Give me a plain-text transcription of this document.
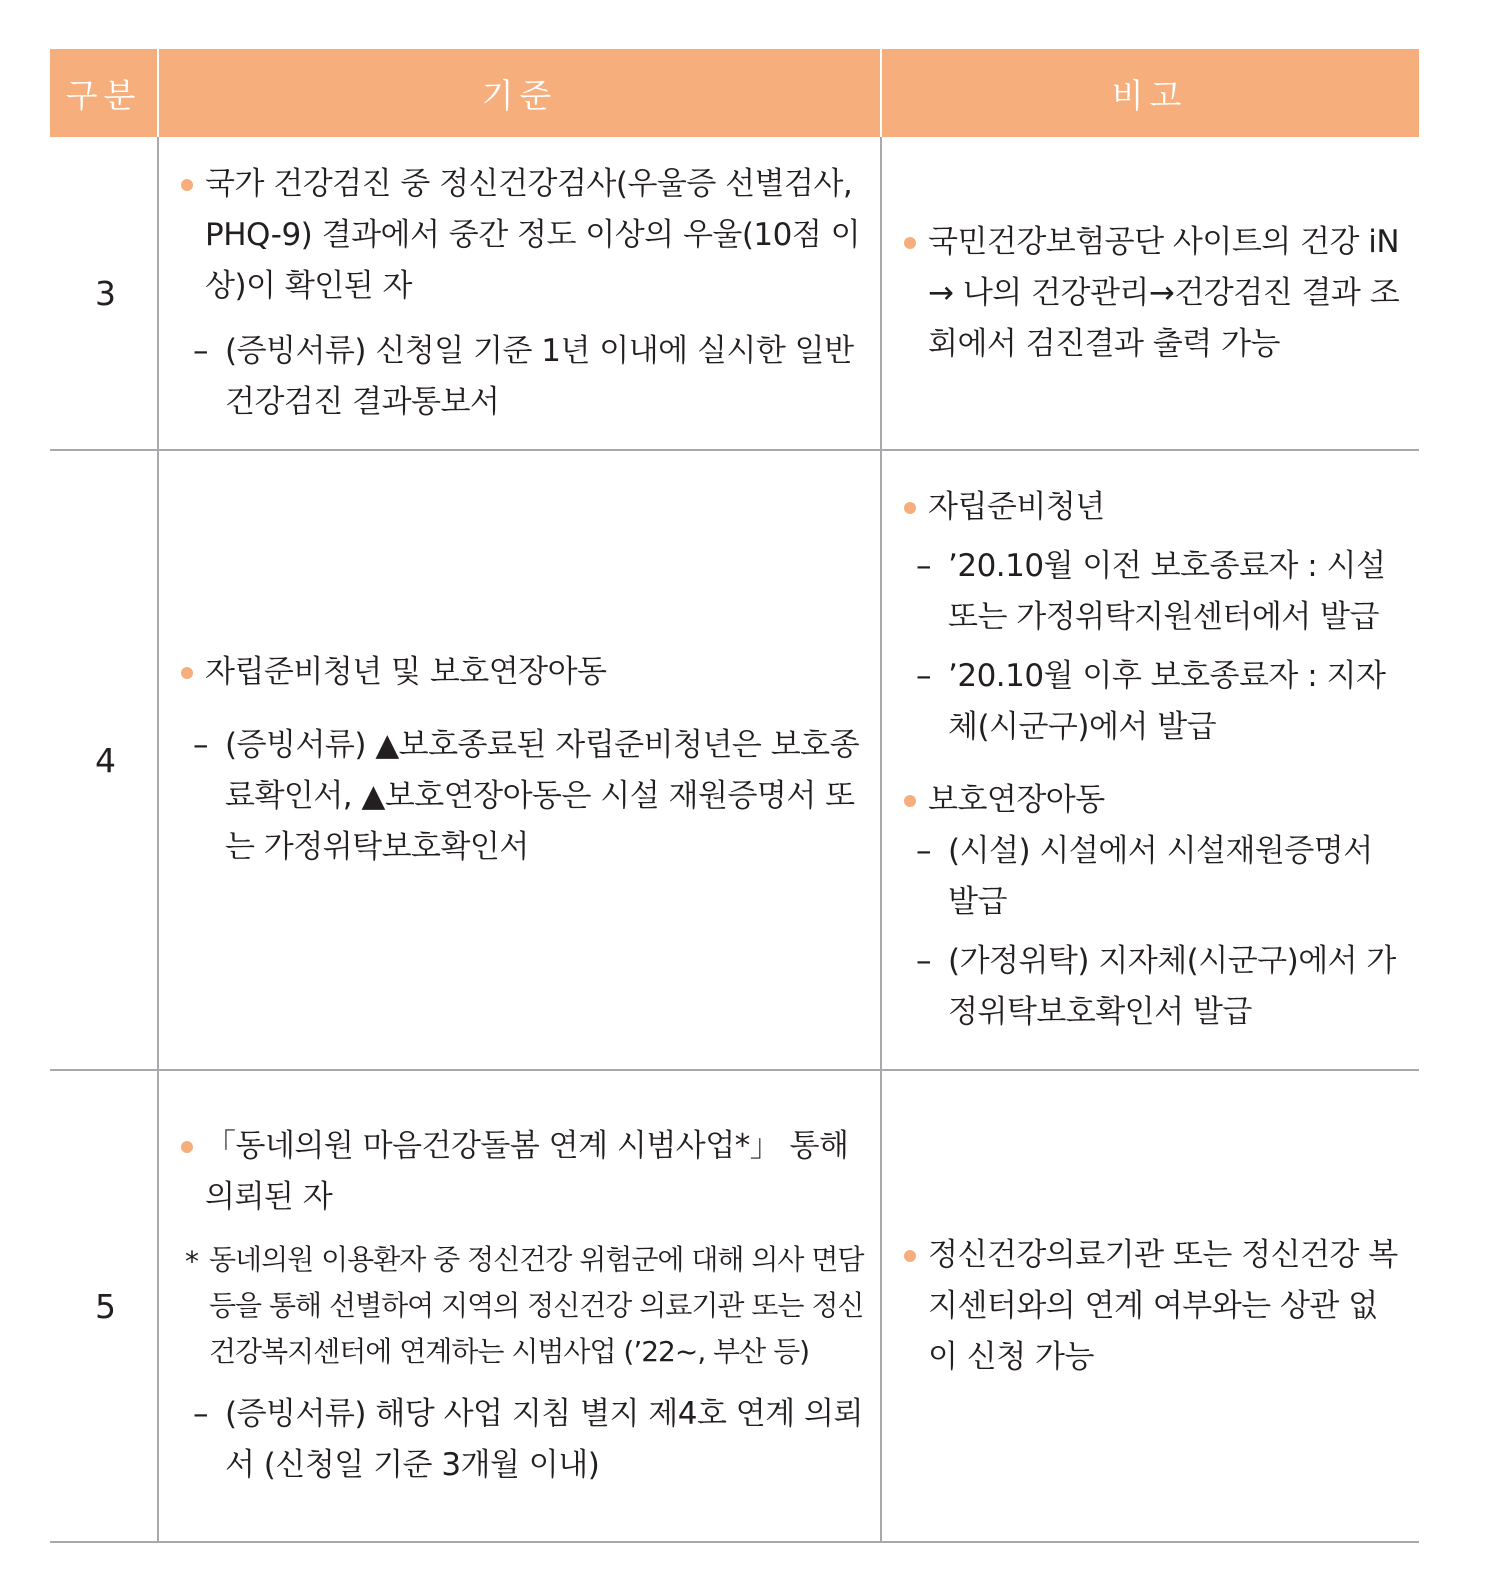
구분	기준	비고
3
국가 건강검진 중 정신건강검사(우울증 선별검사, PHQ-9) 결과에서 중간 정도 이상의 우울(10점 이상)이 확인된 자
– (증빙서류) 신청일 기준 1년 이내에 실시한 일반건강검진 결과통보서
국민건강보험공단 사이트의 건강 iN → 나의 건강관리→건강검진 결과 조회에서 검진결과 출력 가능
4
자립준비청년 및 보호연장아동
– (증빙서류) ▲보호종료된 자립준비청년은 보호종료확인서, ▲보호연장아동은 시설 재원증명서 또는 가정위탁보호확인서
자립준비청년
– ’20.10월 이전 보호종료자 : 시설 또는 가정위탁지원센터에서 발급
– ’20.10월 이후 보호종료자 : 지자체(시군구)에서 발급
보호연장아동
– (시설) 시설에서 시설재원증명서 발급
– (가정위탁) 지자체(시군구)에서 가정위탁보호확인서 발급
5
「동네의원 마음건강돌봄 연계 시범사업*」 통해 의뢰된 자
* 동네의원 이용환자 중 정신건강 위험군에 대해 의사 면담 등을 통해 선별하여 지역의 정신건강 의료기관 또는 정신건강복지센터에 연계하는 시범사업 (’22~, 부산 등)
– (증빙서류) 해당 사업 지침 별지 제4호 연계 의뢰서 (신청일 기준 3개월 이내)
정신건강의료기관 또는 정신건강 복지센터와의 연계 여부와는 상관 없이 신청 가능
